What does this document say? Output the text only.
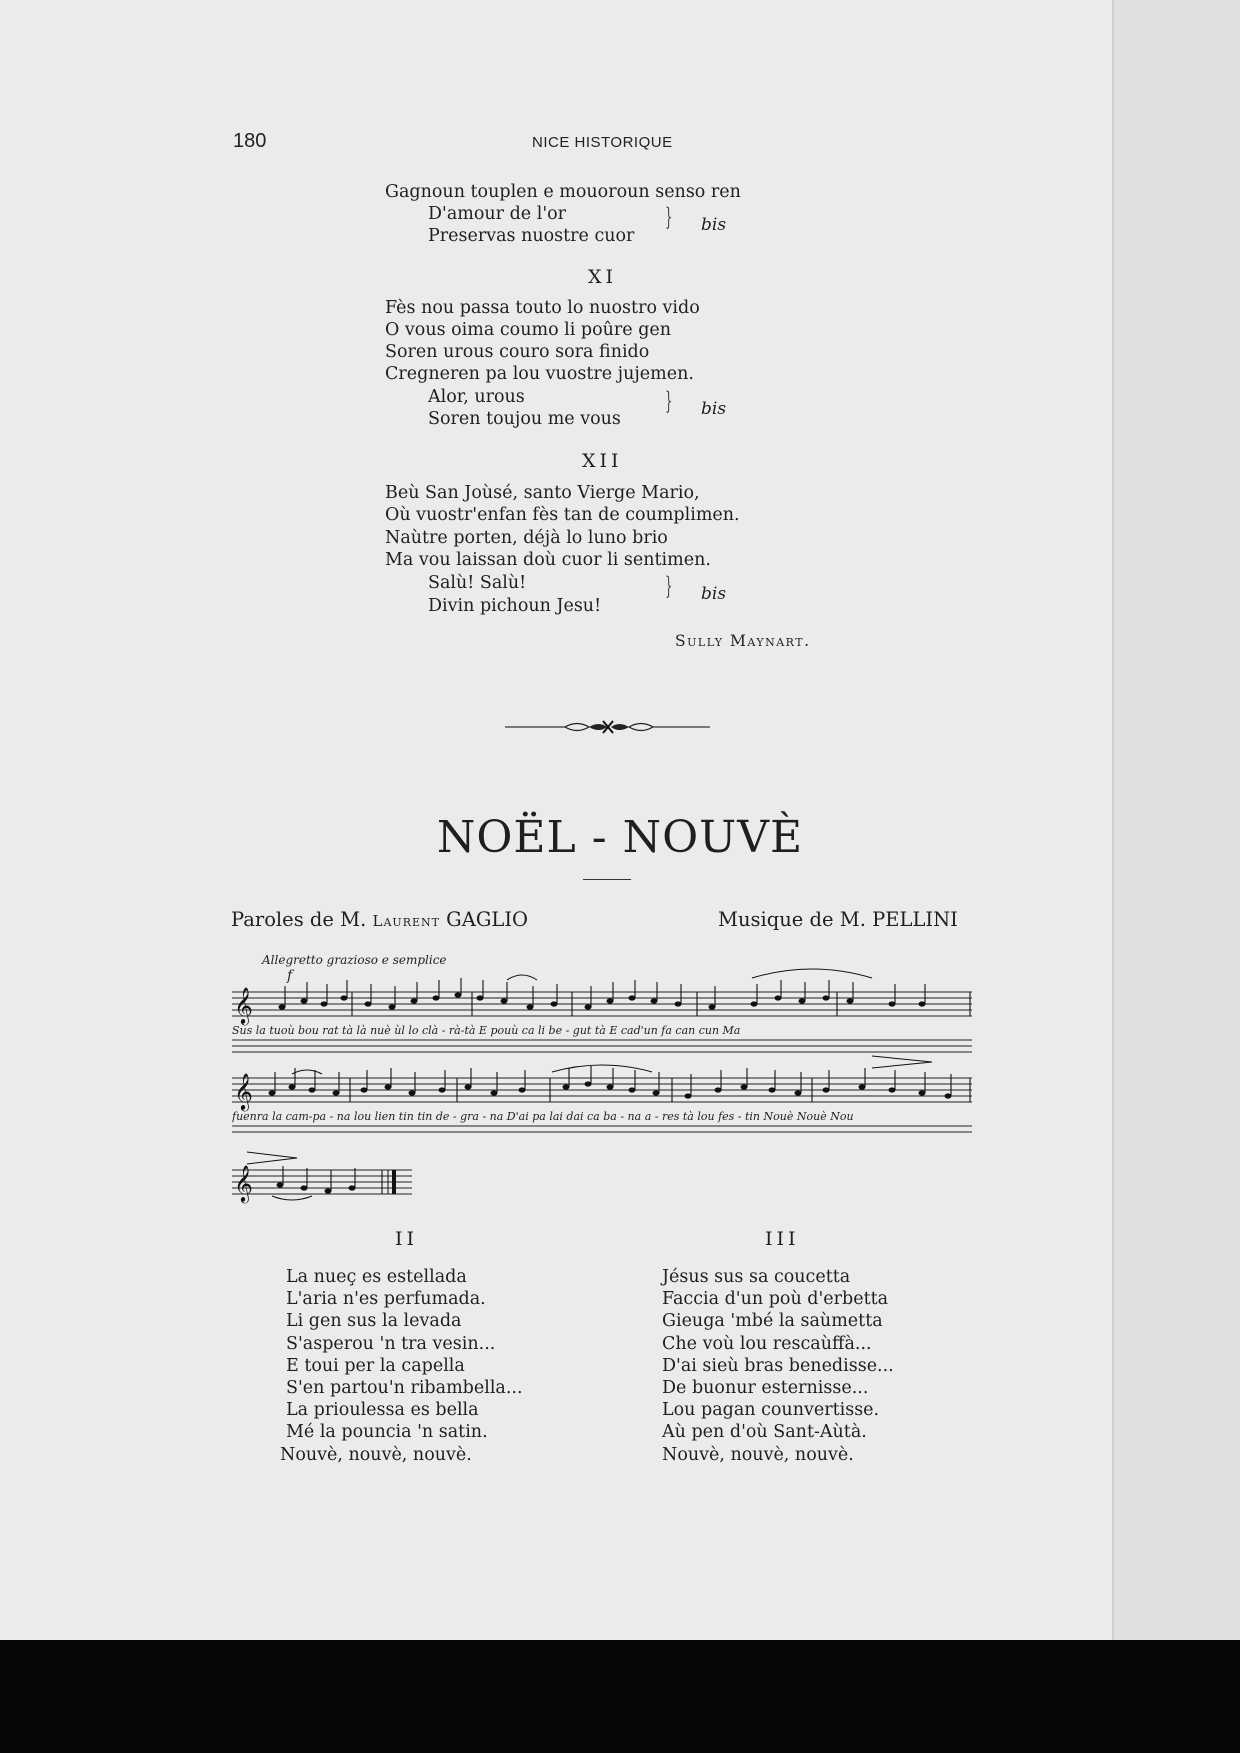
180	NICE HISTORIQUE
Gagnoun touplen e mouoroun senso ren
D'amour de l'or
Preservas nuostre cuor
} bis
XI
Fès nou passa touto lo nuostro vido
O vous oima coumo li poûre gen
Soren urous couro sora finido
Cregneren pa lou vuostre jujemen.
Alor, urous
Soren toujou me vous
} bis
XII
Beù San Joùsé, santo Vierge Mario,
Où vuostr'enfan fès tan de coumplimen.
Naùtre porten, déjà lo luno brio
Ma vou laissan doù cuor li sentimen.
Salù! Salù!
Divin pichoun Jesu!
} bis
Sully Maynart.
NOËL - NOUVÈ
Paroles de M. Laurent GAGLIO	Musique de M. PELLINI
Allegretto grazioso e semplice
f
𝄞
Sus la tuoù bou rat tà là nuè ùl lo clà - rà-tà E pouù ca li be - gut tà E cad'un fa can cun Ma
𝄞
fuenra la cam-pa - na lou lien tin tin de - gra - na D'ai pa lai dai ca ba - na a - res tà lou fes - tin Nouè Nouè Nou
𝄞
II	III
La nueç es estellada
L'aria n'es perfumada.
Li gen sus la levada
S'asperou 'n tra vesin...
E toui per la capella
S'en partou'n ribambella...
La prioulessa es bella
Mé la pouncia 'n satin.
Nouvè, nouvè, nouvè.
Jésus sus sa coucetta
Faccia d'un poù d'erbetta
Gieuga 'mbé la saùmetta
Che voù lou rescaùffà...
D'ai sieù bras benedisse...
De buonur esternisse...
Lou pagan counvertisse.
Aù pen d'où Sant-Aùtà.
Nouvè, nouvè, nouvè.
